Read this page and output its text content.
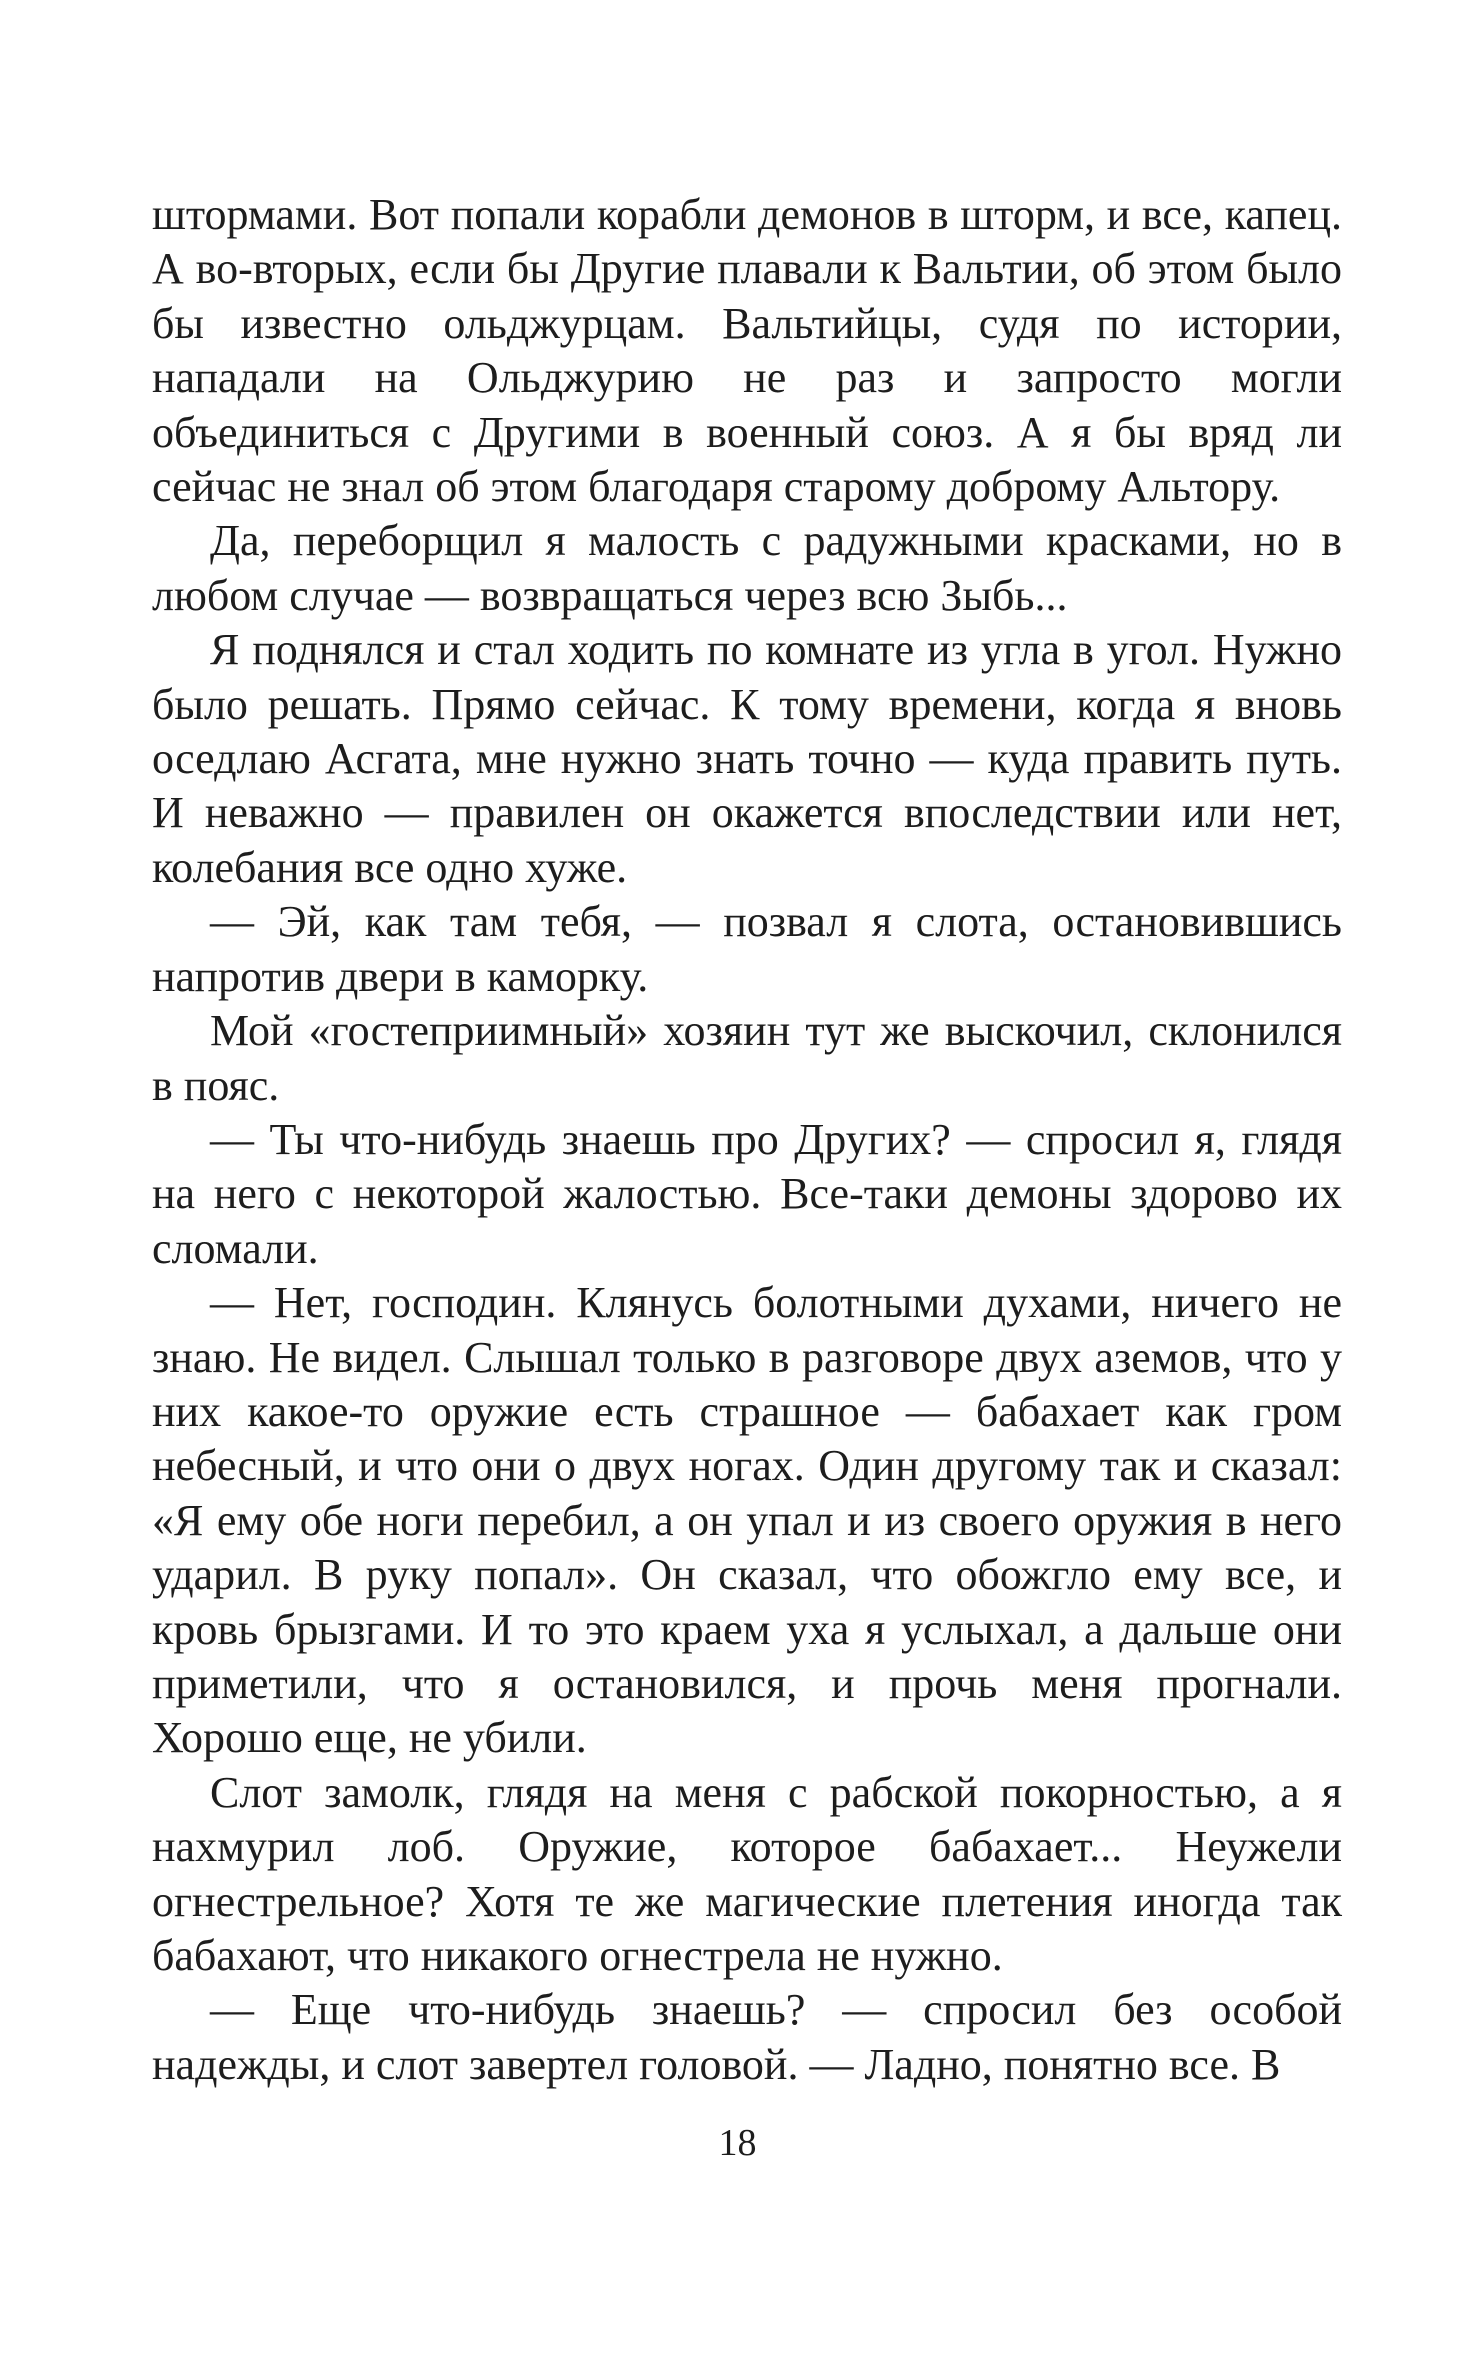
штормами. Вот попали корабли демонов в шторм, и все, капец. А во-вторых, если бы Другие плавали к Вальтии, об этом было бы известно ольджурцам. Вальтийцы, судя по истории, нападали на Ольджурию не раз и запросто могли объединиться с Другими в военный союз. А я бы вряд ли сейчас не знал об этом благодаря старому доброму Альтору.

Да, переборщил я малость с радужными красками, но в любом случае — возвращаться через всю Зыбь...

Я поднялся и стал ходить по комнате из угла в угол. Нужно было решать. Прямо сейчас. К тому времени, когда я вновь оседлаю Асгата, мне нужно знать точно — куда править путь. И неважно — правилен он окажется впоследствии или нет, колебания все одно хуже.

— Эй, как там тебя, — позвал я слота, остановившись напротив двери в каморку.

Мой «гостеприимный» хозяин тут же выскочил, склонился в пояс.

— Ты что-нибудь знаешь про Других? — спросил я, глядя на него с некоторой жалостью. Все-таки демоны здорово их сломали.

— Нет, господин. Клянусь болотными духами, ничего не знаю. Не видел. Слышал только в разговоре двух аземов, что у них какое-то оружие есть страшное — бабахает как гром небесный, и что они о двух ногах. Один другому так и сказал: «Я ему обе ноги перебил, а он упал и из своего оружия в него ударил. В руку попал». Он сказал, что обожгло ему все, и кровь брызгами. И то это краем уха я услыхал, а дальше они приметили, что я остановился, и прочь меня прогнали. Хорошо еще, не убили.

Слот замолк, глядя на меня с рабской покорностью, а я нахмурил лоб. Оружие, которое бабахает... Неужели огнестрельное? Хотя те же магические плетения иногда так бабахают, что никакого огнестрела не нужно.

— Еще что-нибудь знаешь? — спросил без особой надежды, и слот завертел головой. — Ладно, понятно все. В

18
